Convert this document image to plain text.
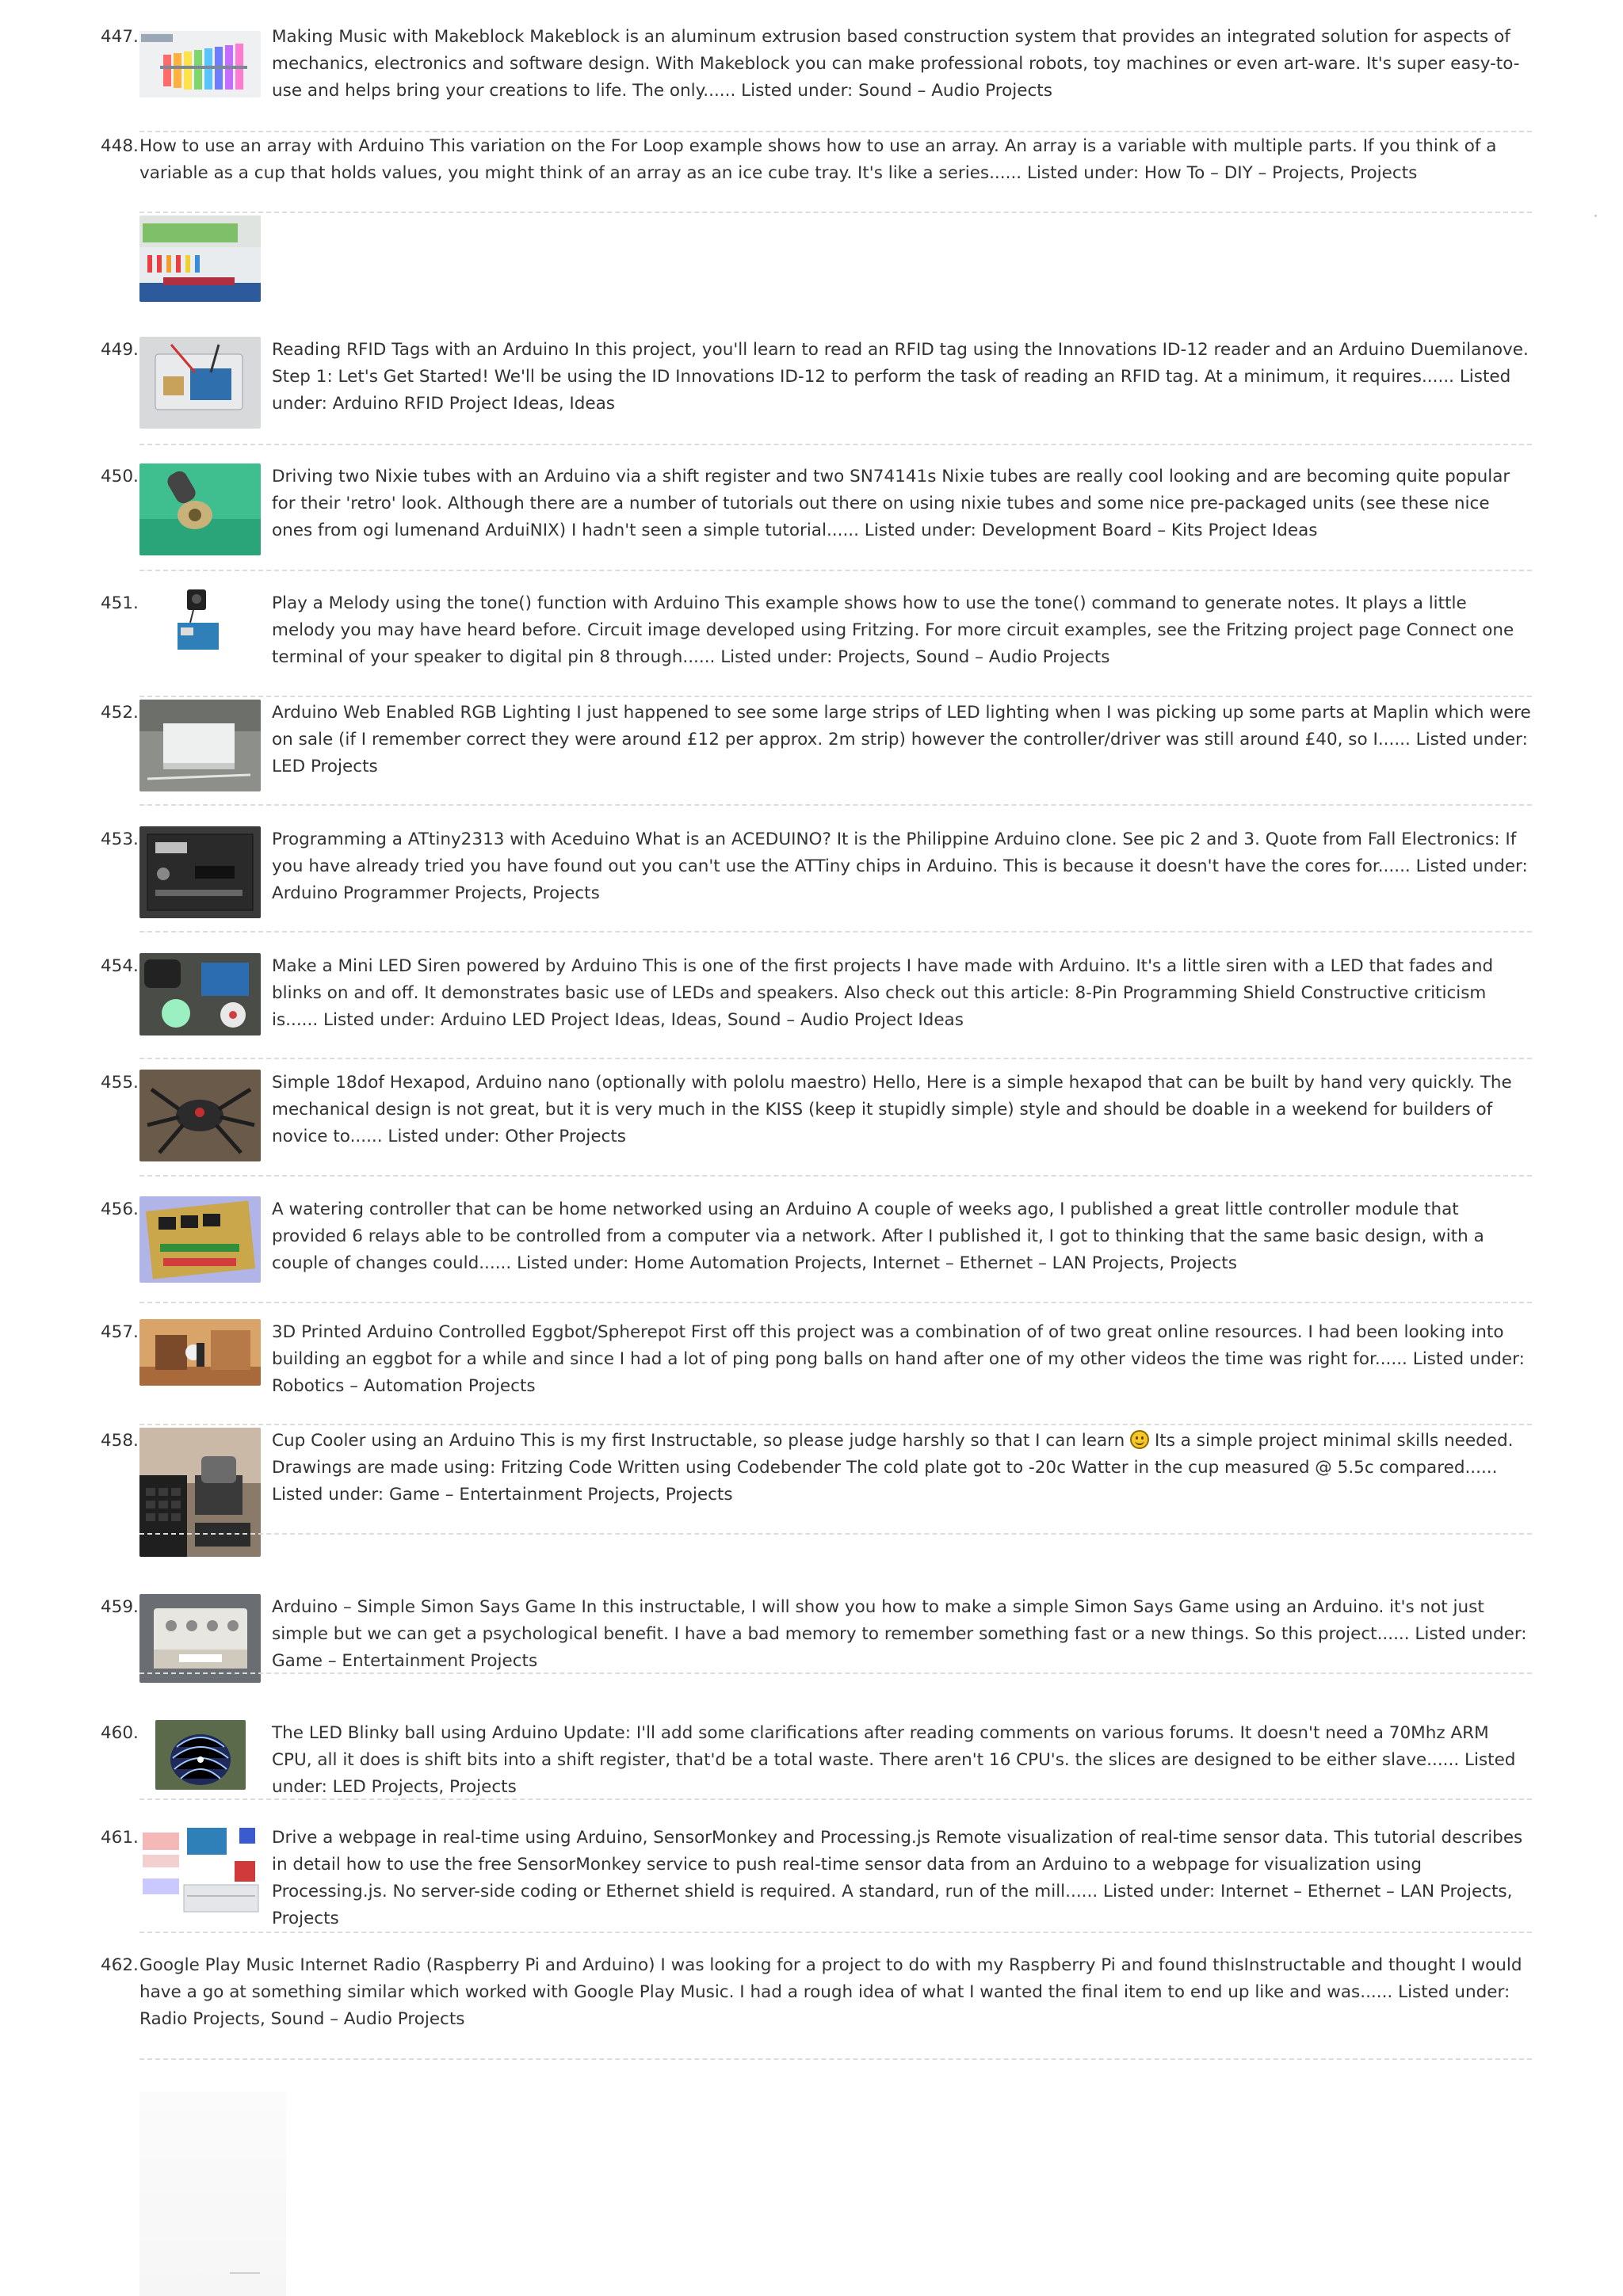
447.	Making Music with Makeblock Makeblock is an aluminum extrusion based construction system that provides an integrated solution for aspects of mechanics, electronics and software design. With Makeblock you can make professional robots, toy machines or even art-ware. It's super easy-to-use and helps bring your creations to life. The only...... Listed under: Sound – Audio Projects
448. How to use an array with Arduino This variation on the For Loop example shows how to use an array. An array is a variable with multiple parts. If you think of a variable as a cup that holds values, you might think of an array as an ice cube tray. It's like a series...... Listed under: How To – DIY – Projects, Projects
449.	Reading RFID Tags with an Arduino In this project, you'll learn to read an RFID tag using the Innovations ID-12 reader and an Arduino Duemilanove. Step 1: Let's Get Started! We'll be using the ID Innovations ID-12 to perform the task of reading an RFID tag. At a minimum, it requires...... Listed under: Arduino RFID Project Ideas, Ideas
450.	Driving two Nixie tubes with an Arduino via a shift register and two SN74141s Nixie tubes are really cool looking and are becoming quite popular for their 'retro' look. Although there are a number of tutorials out there on using nixie tubes and some nice pre-packaged units (see these nice ones from ogi lumenand ArduiNIX) I hadn't seen a simple tutorial...... Listed under: Development Board – Kits Project Ideas
451.	Play a Melody using the tone() function with Arduino This example shows how to use the tone() command to generate notes. It plays a little melody you may have heard before. Circuit image developed using Fritzing. For more circuit examples, see the Fritzing project page Connect one terminal of your speaker to digital pin 8 through...... Listed under: Projects, Sound – Audio Projects
452.	Arduino Web Enabled RGB Lighting I just happened to see some large strips of LED lighting when I was picking up some parts at Maplin which were on sale (if I remember correct they were around £12 per approx. 2m strip) however the controller/driver was still around £40, so I...... Listed under: LED Projects
453.	Programming a ATtiny2313 with Aceduino What is an ACEDUINO? It is the Philippine Arduino clone. See pic 2 and 3. Quote from Fall Electronics: If you have already tried you have found out you can't use the ATTiny chips in Arduino. This is because it doesn't have the cores for...... Listed under: Arduino Programmer Projects, Projects
454.	Make a Mini LED Siren powered by Arduino This is one of the first projects I have made with Arduino. It's a little siren with a LED that fades and blinks on and off. It demonstrates basic use of LEDs and speakers. Also check out this article: 8-Pin Programming Shield Constructive criticism is...... Listed under: Arduino LED Project Ideas, Ideas, Sound – Audio Project Ideas
455.	Simple 18dof Hexapod, Arduino nano (optionally with pololu maestro) Hello, Here is a simple hexapod that can be built by hand very quickly. The mechanical design is not great, but it is very much in the KISS (keep it stupidly simple) style and should be doable in a weekend for builders of novice to...... Listed under: Other Projects
456.	A watering controller that can be home networked using an Arduino A couple of weeks ago, I published a great little controller module that provided 6 relays able to be controlled from a computer via a network. After I published it, I got to thinking that the same basic design, with a couple of changes could...... Listed under: Home Automation Projects, Internet – Ethernet – LAN Projects, Projects
457.	3D Printed Arduino Controlled Eggbot/Spherepot First off this project was a combination of of two great online resources. I had been looking into building an eggbot for a while and since I had a lot of ping pong balls on hand after one of my other videos the time was right for...... Listed under: Robotics – Automation Projects
458.	Cup Cooler using an Arduino This is my first Instructable, so please judge harshly so that I can learn Its a simple project minimal skills needed. Drawings are made using: Fritzing Code Written using Codebender The cold plate got to -20c Watter in the cup measured @ 5.5c compared...... Listed under: Game – Entertainment Projects, Projects
459.	Arduino – Simple Simon Says Game In this instructable, I will show you how to make a simple Simon Says Game using an Arduino. it's not just simple but we can get a psychological benefit. I have a bad memory to remember something fast or a new things. So this project...... Listed under: Game – Entertainment Projects
460.	The LED Blinky ball using Arduino Update: I'll add some clarifications after reading comments on various forums. It doesn't need a 70Mhz ARM CPU, all it does is shift bits into a shift register, that'd be a total waste. There aren't 16 CPU's. the slices are designed to be either slave...... Listed under: LED Projects, Projects
461.	Drive a webpage in real-time using Arduino, SensorMonkey and Processing.js Remote visualization of real-time sensor data. This tutorial describes in detail how to use the free SensorMonkey service to push real-time sensor data from an Arduino to a webpage for visualization using Processing.js. No server-side coding or Ethernet shield is required. A standard, run of the mill...... Listed under: Internet – Ethernet – LAN Projects, Projects
462. Google Play Music Internet Radio (Raspberry Pi and Arduino) I was looking for a project to do with my Raspberry Pi and found thisInstructable and thought I would have a go at something similar which worked with Google Play Music. I had a rough idea of what I wanted the final item to end up like and was...... Listed under: Radio Projects, Sound – Audio Projects
